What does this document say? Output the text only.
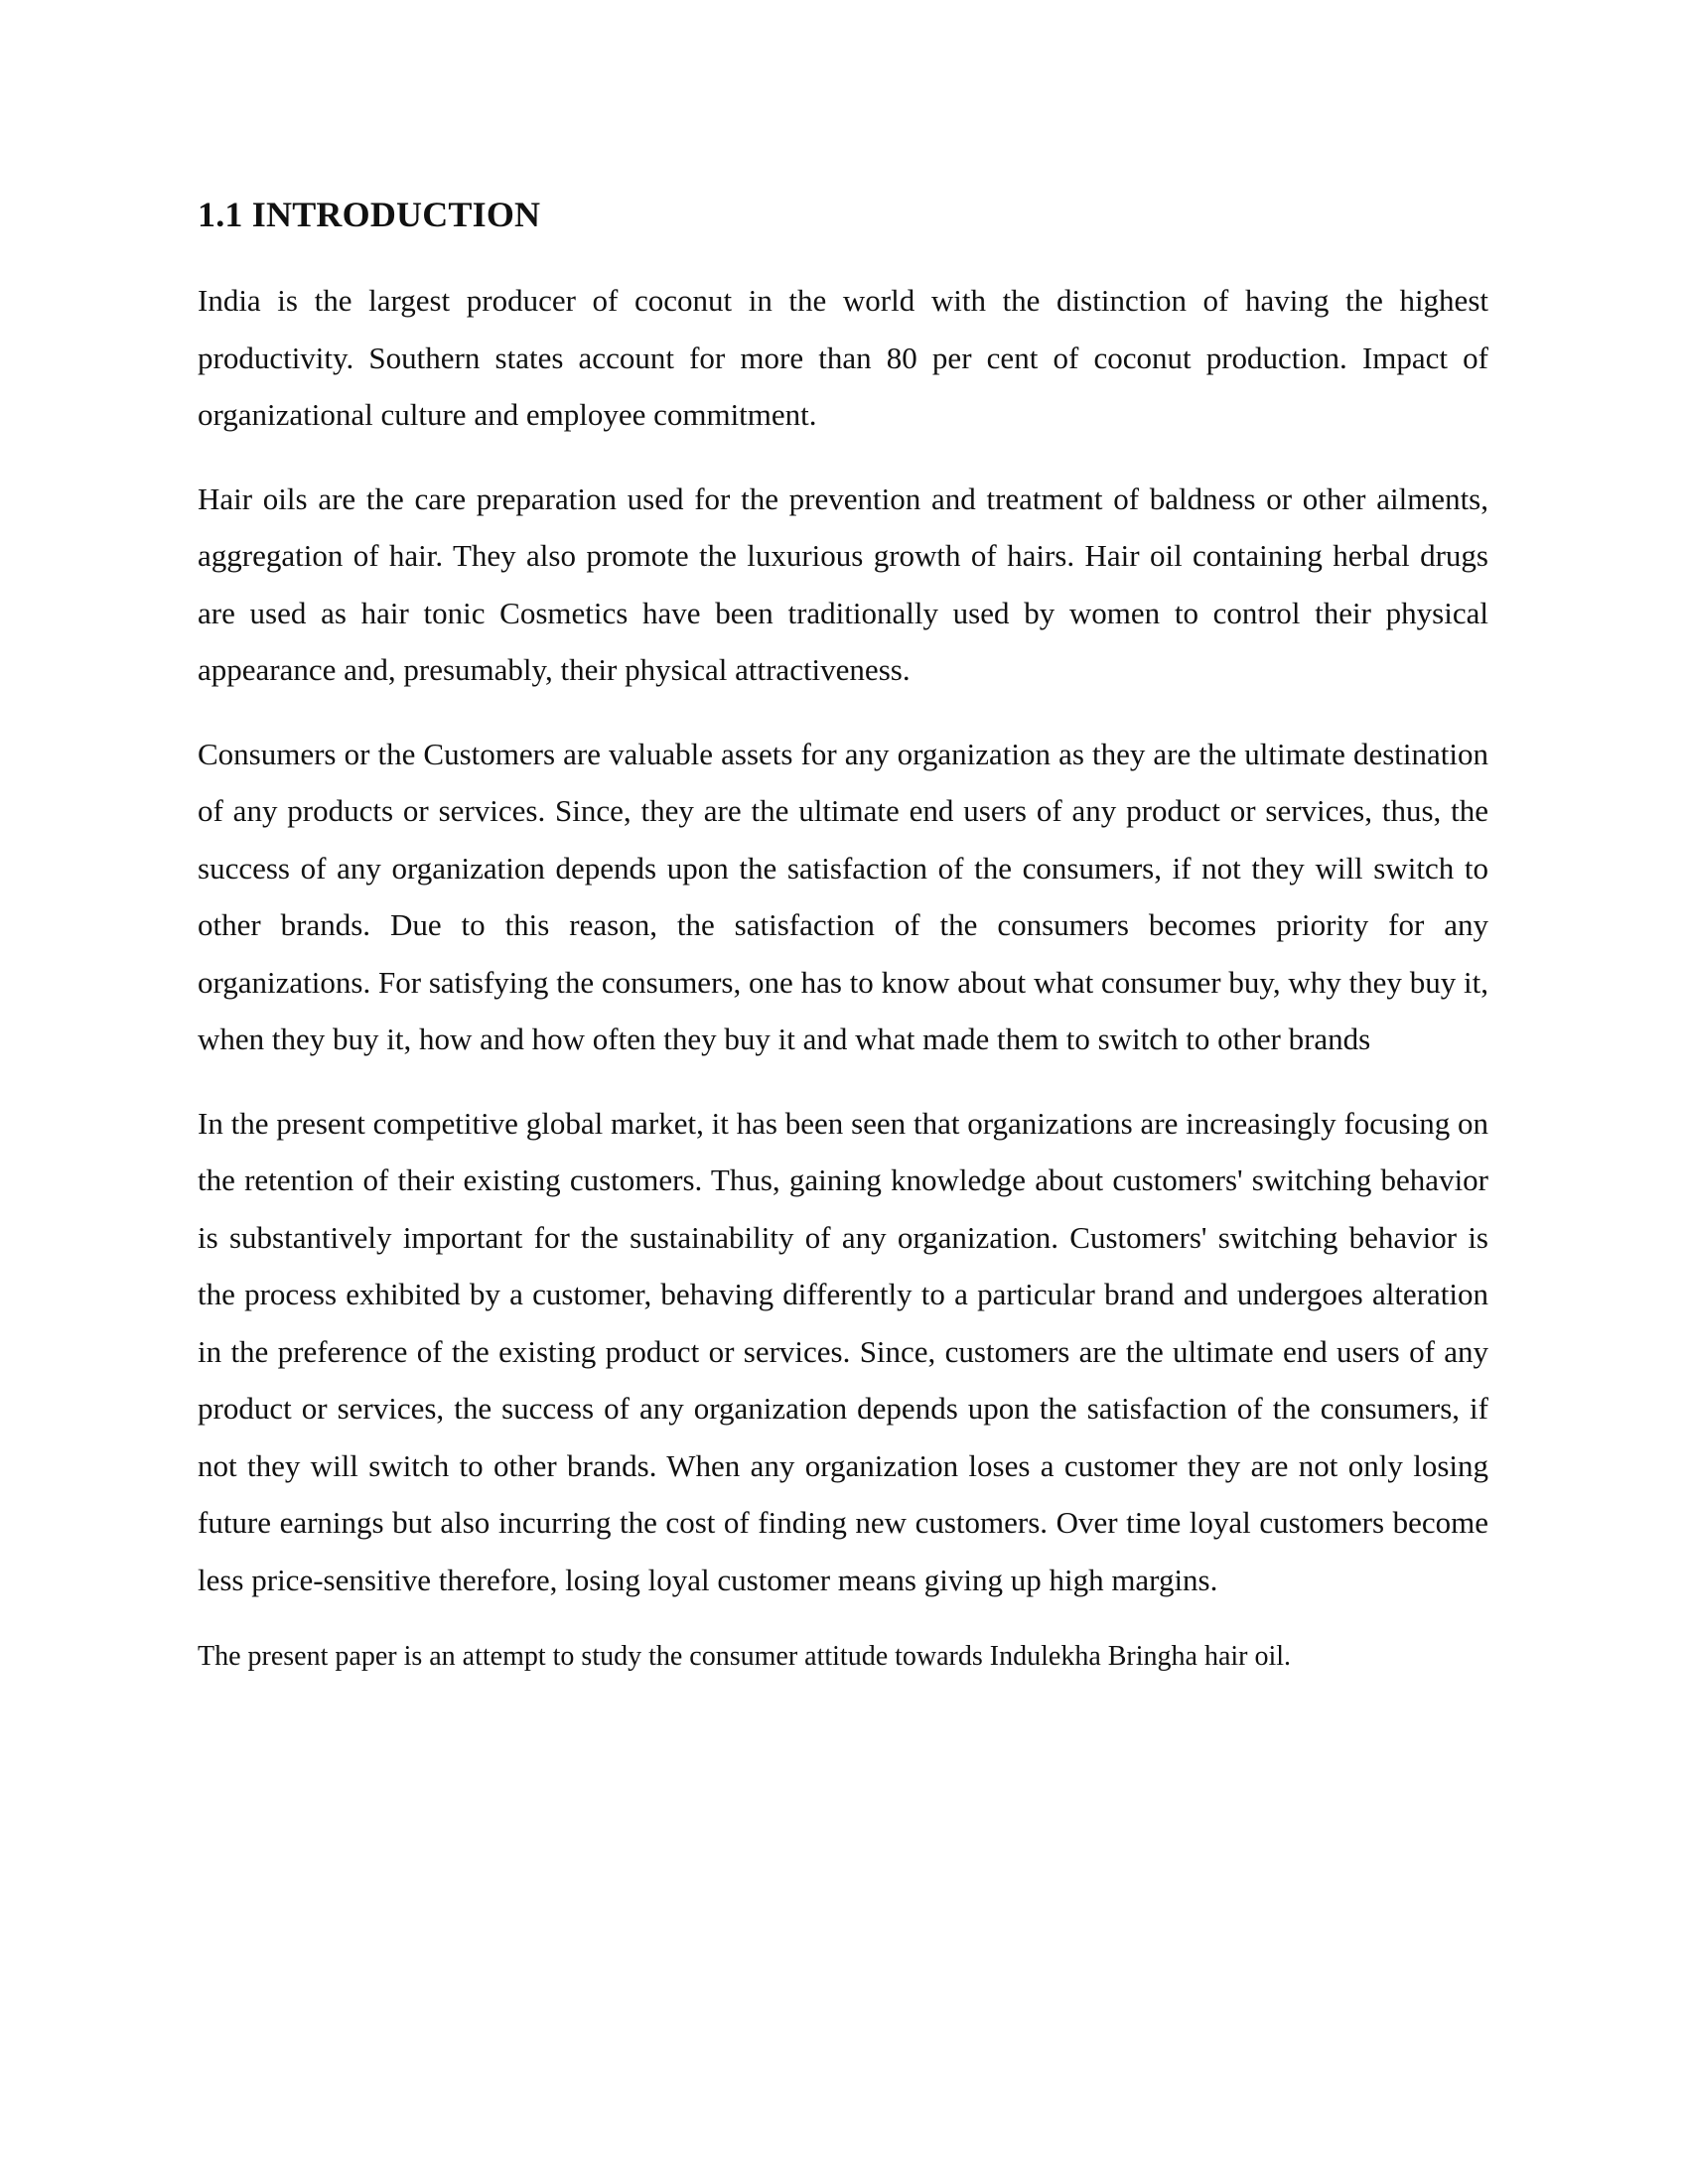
1.1 INTRODUCTION

India is the largest producer of coconut in the world with the distinction of having the highest productivity. Southern states account for more than 80 per cent of coconut production. Impact of organizational culture and employee commitment.

Hair oils are the care preparation used for the prevention and treatment of baldness or other ailments, aggregation of hair. They also promote the luxurious growth of hairs. Hair oil containing herbal drugs are used as hair tonic Cosmetics have been traditionally used by women to control their physical appearance and, presumably, their physical attractiveness.

Consumers or the Customers are valuable assets for any organization as they are the ultimate destination of any products or services. Since, they are the ultimate end users of any product or services, thus, the success of any organization depends upon the satisfaction of the consumers, if not they will switch to other brands. Due to this reason, the satisfaction of the consumers becomes priority for any organizations. For satisfying the consumers, one has to know about what consumer buy, why they buy it, when they buy it, how and how often they buy it and what made them to switch to other brands

In the present competitive global market, it has been seen that organizations are increasingly focusing on the retention of their existing customers. Thus, gaining knowledge about customers' switching behavior is substantively important for the sustainability of any organization. Customers' switching behavior is the process exhibited by a customer, behaving differently to a particular brand and undergoes alteration in the preference of the existing product or services. Since, customers are the ultimate end users of any product or services, the success of any organization depends upon the satisfaction of the consumers, if not they will switch to other brands. When any organization loses a customer they are not only losing future earnings but also incurring the cost of finding new customers. Over time loyal customers become less price-sensitive therefore, losing loyal customer means giving up high margins.

The present paper is an attempt to study the consumer attitude towards Indulekha Bringha hair oil.
